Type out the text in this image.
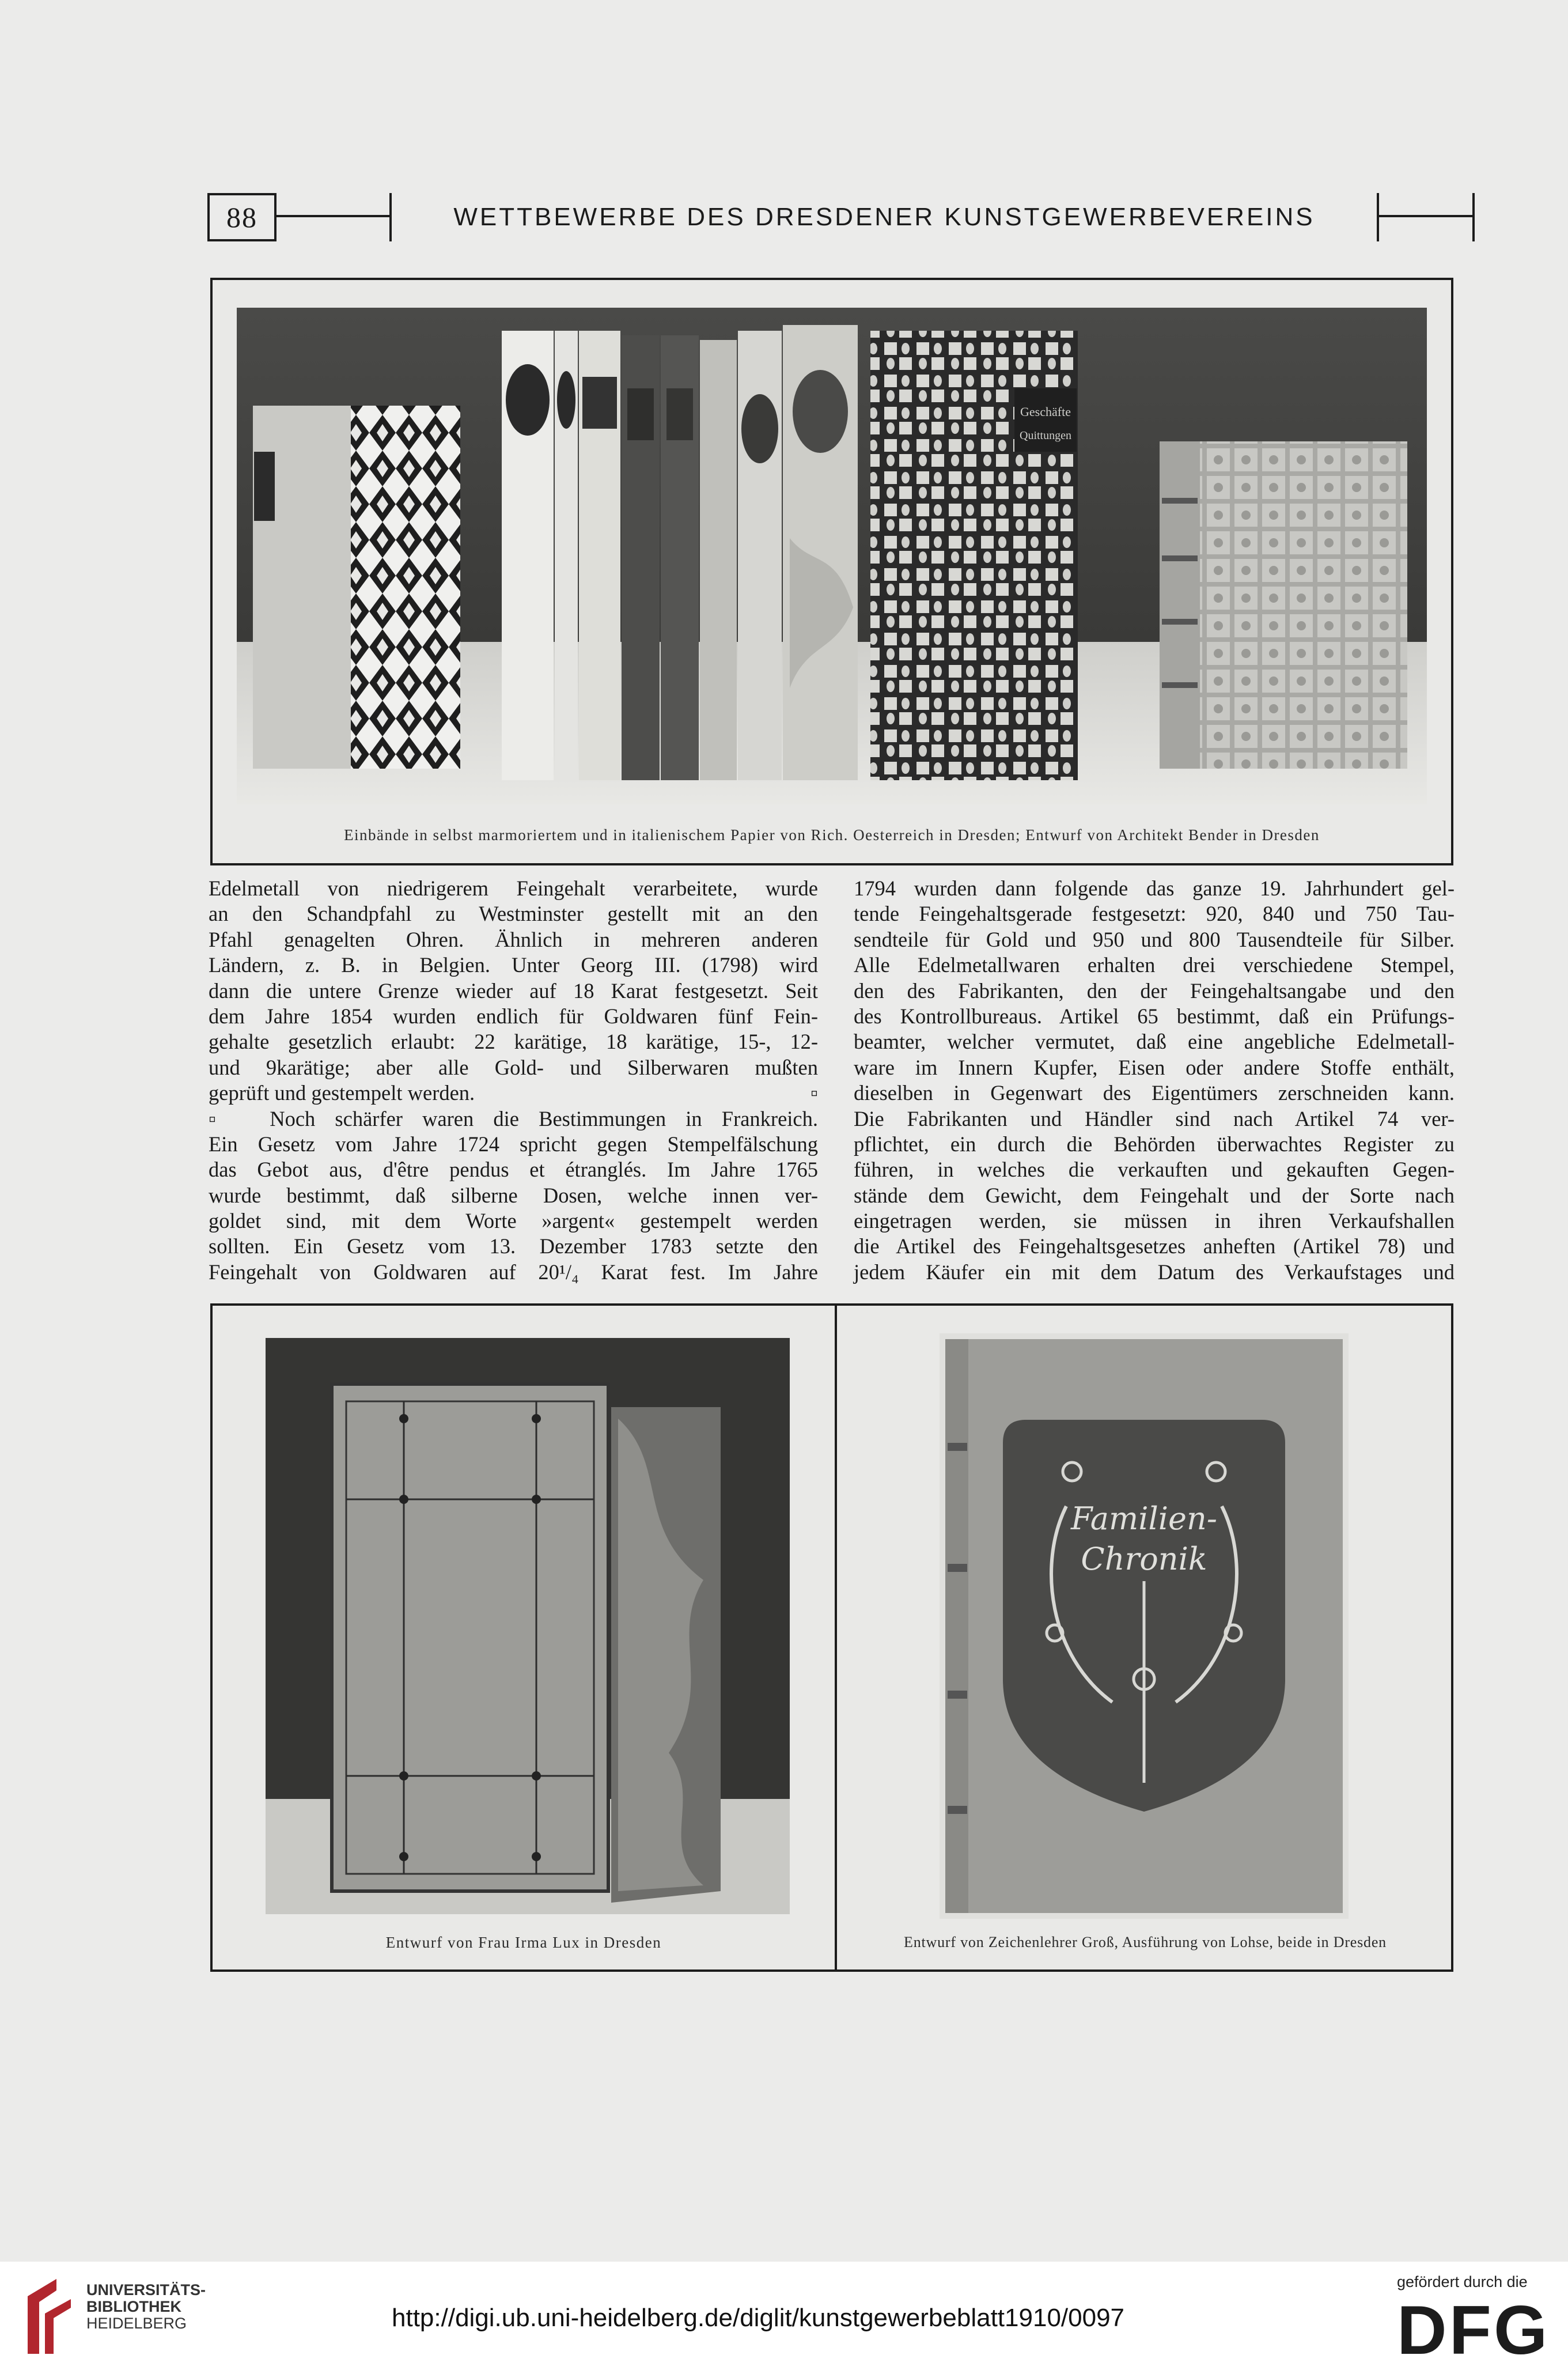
88	WETTBEWERBE DES DRESDENER KUNSTGEWERBEVEREINS
Geschäfte
Quittungen
Einbände in selbst marmoriertem und in italienischem Papier von Rich. Oesterreich in Dresden; Entwurf von Architekt Bender in Dresden
Edelmetall von niedrigerem Feingehalt verarbeitete, wurde
an den Schandpfahl zu Westminster gestellt mit an den
Pfahl genagelten Ohren. Ähnlich in mehreren anderen
Ländern, z. B. in Belgien. Unter Georg III. (1798) wird
dann die untere Grenze wieder auf 18 Karat festgesetzt. Seit
dem Jahre 1854 wurden endlich für Goldwaren fünf Fein-
gehalte gesetzlich erlaubt: 22 karätige, 18 karätige, 15-, 12-
und 9karätige; aber alle Gold- und Silberwaren mußten
geprüft und gestempelt werden.	▫
▫ Noch schärfer waren die Bestimmungen in Frankreich.
Ein Gesetz vom Jahre 1724 spricht gegen Stempelfälschung
das Gebot aus, d'être pendus et étranglés. Im Jahre 1765
wurde bestimmt, daß silberne Dosen, welche innen ver-
goldet sind, mit dem Worte »argent« gestempelt werden
sollten. Ein Gesetz vom 13. Dezember 1783 setzte den
Feingehalt von Goldwaren auf 20¹/₄ Karat fest. Im Jahre
1794 wurden dann folgende das ganze 19. Jahrhundert gel-
tende Feingehaltsgerade festgesetzt: 920, 840 und 750 Tau-
sendteile für Gold und 950 und 800 Tausendteile für Silber.
Alle Edelmetallwaren erhalten drei verschiedene Stempel,
den des Fabrikanten, den der Feingehaltsangabe und den
des Kontrollbureaus. Artikel 65 bestimmt, daß ein Prüfungs-
beamter, welcher vermutet, daß eine angebliche Edelmetall-
ware im Innern Kupfer, Eisen oder andere Stoffe enthält,
dieselben in Gegenwart des Eigentümers zerschneiden kann.
Die Fabrikanten und Händler sind nach Artikel 74 ver-
pflichtet, ein durch die Behörden überwachtes Register zu
führen, in welches die verkauften und gekauften Gegen-
stände dem Gewicht, dem Feingehalt und der Sorte nach
eingetragen werden, sie müssen in ihren Verkaufshallen
die Artikel des Feingehaltsgesetzes anheften (Artikel 78) und
jedem Käufer ein mit dem Datum des Verkaufstages und
Entwurf von Frau Irma Lux in Dresden
Familien-
Chronik
Entwurf von Zeichenlehrer Groß, Ausführung von Lohse, beide in Dresden
UNIVERSITÄTS-
BIBLIOTHEK
HEIDELBERG	http://digi.ub.uni-heidelberg.de/diglit/kunstgewerbeblatt1910/0097
gefördert durch die
DFG
